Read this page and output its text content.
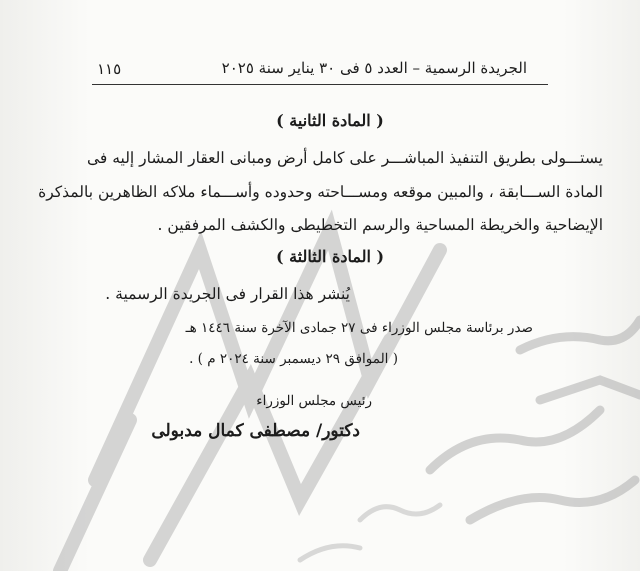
١١٥	الجريدة الرسمية – العدد ٥ فى ٣٠ يناير سنة ٢٠٢٥
( المادة الثانية )
يستـــولى بطريق التنفيذ المباشـــر على كامل أرض ومبانى العقار المشار إليه فى
المادة الســـابقة ، والمبين موقعه ومســـاحته وحدوده وأســـماء ملاكه الظاهرين بالمذكرة
الإيضاحية والخريطة المساحية والرسم التخطيطى والكشف المرفقين .
( المادة الثالثة )
يُنشر هذا القرار فى الجريدة الرسمية .
صدر برئاسة مجلس الوزراء فى ٢٧ جمادى الآخرة سنة ١٤٤٦ هـ
( الموافق ٢٩ ديسمبر سنة ٢٠٢٤ م ) .
رئيس مجلس الوزراء
دكتور/ مصطفى كمال مدبولى
